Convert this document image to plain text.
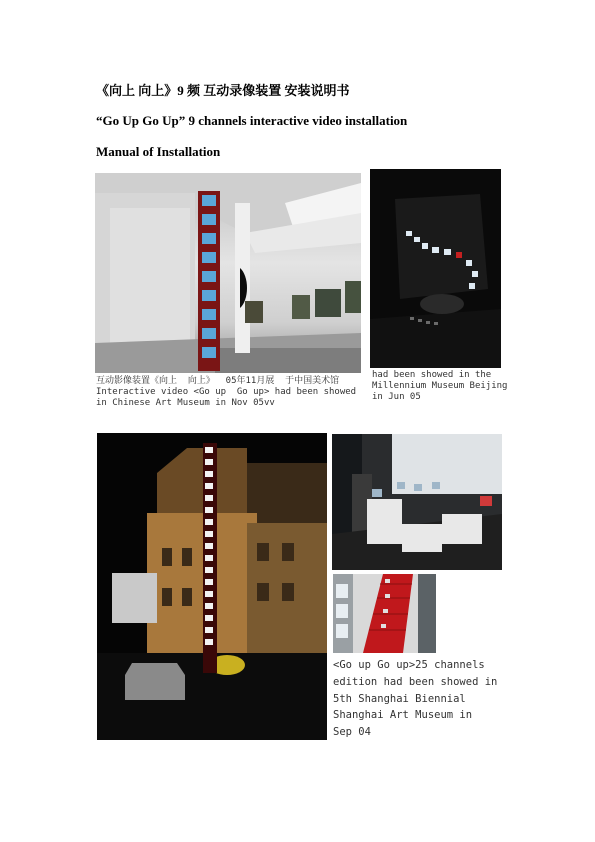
《向上 向上》9 频 互动录像装置 安装说明书
“Go Up Go Up” 9 channels interactive video installation
Manual of Installation
互动影像装置《向上  向上》  05年11月展  于中国美术馆
Interactive video <Go up  Go up> had been showed
in Chinese Art Museum in Nov 05vv
had been showed in the
Millennium Museum Beijing
in Jun 05
<Go up Go up>25 channels
edition had been showed in
5th Shanghai Biennial
Shanghai Art Museum in
Sep 04
